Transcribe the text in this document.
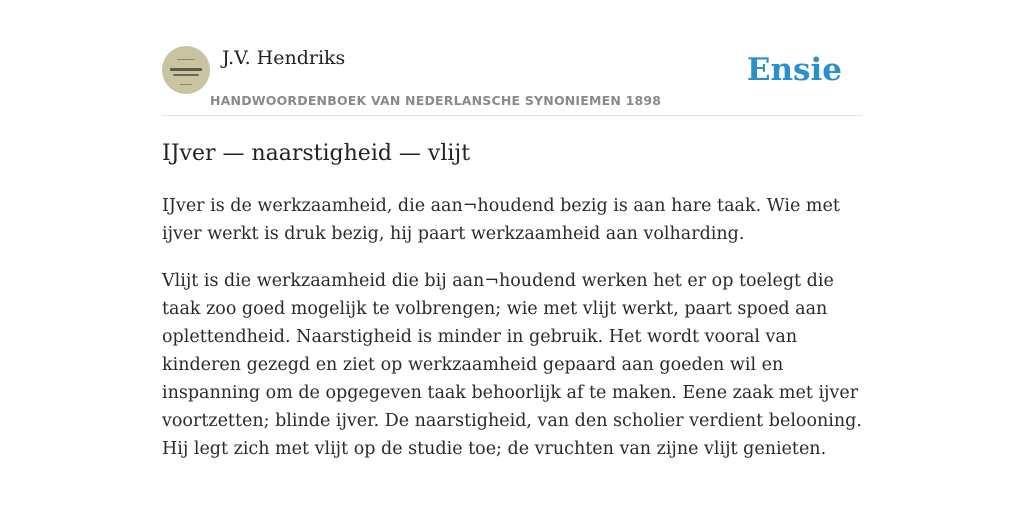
J.V. Hendriks
HANDWOORDENBOEK VAN NEDERLANSCHE SYNONIEMEN 1898
Ensie
IJver — naarstigheid — vlijt

IJver is de werkzaamheid, die aan¬houdend bezig is aan hare taak. Wie met ijver werkt is druk bezig, hij paart werkzaamheid aan volharding.

Vlijt is die werkzaamheid die bij aan¬houdend werken het er op toelegt die taak zoo goed mogelijk te volbrengen; wie met vlijt werkt, paart spoed aan oplettendheid. Naarstigheid is minder in gebruik. Het wordt vooral van kinderen gezegd en ziet op werkzaamheid gepaard aan goeden wil en inspanning om de opgegeven taak behoorlijk af te maken. Eene zaak met ijver voortzetten; blinde ijver. De naarstigheid, van den scholier verdient belooning. Hij legt zich met vlijt op de studie toe; de vruchten van zijne vlijt genieten.
